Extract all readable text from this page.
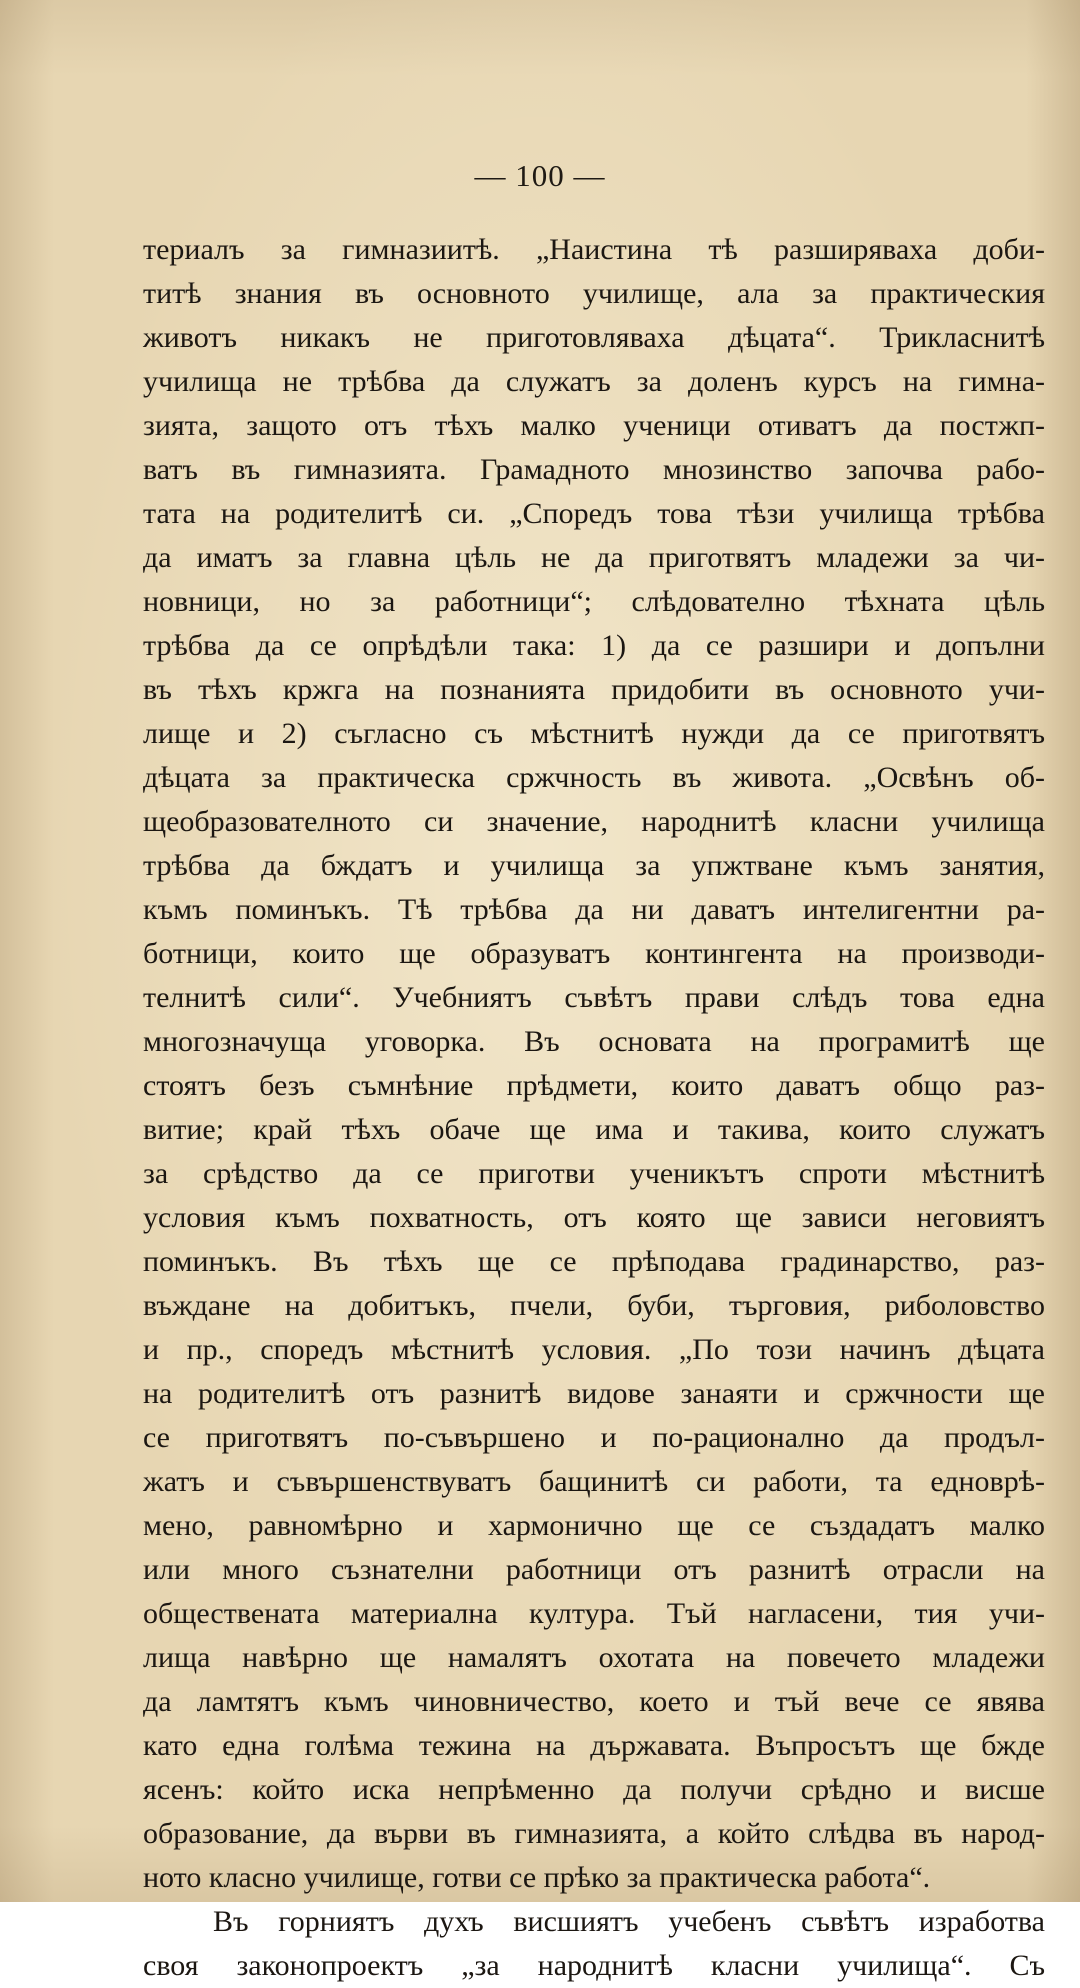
— 100 —
териалъ за гимназиитѣ. „Наистина тѣ разширяваха доби-
титѣ знания въ основното училище, ала за практическия
животъ никакъ не приготовляваха дѣцата“. Трикласнитѣ
училища не трѣбва да служатъ за доленъ курсъ на гимна-
зията, защото отъ тѣхъ малко ученици отиватъ да постжп-
ватъ въ гимназията. Грамадното мнозинство започва рабо-
тата на родителитѣ си. „Споредъ това тѣзи училища трѣбва
да иматъ за главна цѣль не да приготвятъ младежи за чи-
новници, но за работници“; слѣдователно тѣхната цѣль
трѣбва да се опрѣдѣли така: 1) да се разшири и допълни
въ тѣхъ кржга на познанията придобити въ основното учи-
лище и 2) съгласно съ мѣстнитѣ нужди да се приготвятъ
дѣцата за практическа сржчность въ живота. „Освѣнъ об-
щеобразователното си значение, народнитѣ класни училища
трѣбва да бждатъ и училища за упжтване къмъ занятия,
къмъ поминъкъ. Тѣ трѣбва да ни даватъ интелигентни ра-
ботници, които ще образуватъ контингента на производи-
телнитѣ сили“. Учебниятъ съвѣтъ прави слѣдъ това една
многозначуща уговорка. Въ основата на програмитѣ ще
стоятъ безъ съмнѣние прѣдмети, които даватъ общо раз-
витие; край тѣхъ обаче ще има и такива, които служатъ
за срѣдство да се приготви ученикътъ спроти мѣстнитѣ
условия къмъ похватность, отъ която ще зависи неговиятъ
поминъкъ. Въ тѣхъ ще се прѣподава градинарство, раз-
въждане на добитъкъ, пчели, буби, търговия, риболовство
и пр., споредъ мѣстнитѣ условия. „По този начинъ дѣцата
на родителитѣ отъ разнитѣ видове занаяти и сржчности ще
се приготвятъ по-съвършено и по-рационално да продъл-
жатъ и съвършенствуватъ бащинитѣ си работи, та едновpѣ-
мено, равномѣрно и хармонично ще се създадатъ малко
или много съзнателни работници отъ разнитѣ отрасли на
обществената материална култура. Тъй нагласени, тия учи-
лища навѣрно ще намалятъ охотата на повечето младежи
да ламтятъ къмъ чиновничество, което и тъй вече се явява
като една голѣма тежина на държавата. Въпросътъ ще бжде
ясенъ: който иска непрѣменно да получи срѣдно и висше
образование, да върви въ гимназията, а който слѣдва въ народ-
ното класно училище, готви се прѣко за практическа работа“.
Въ горниятъ духъ висшиятъ учебенъ съвѣтъ изработва
своя законопроектъ „за народнитѣ класни училища“. Съ
